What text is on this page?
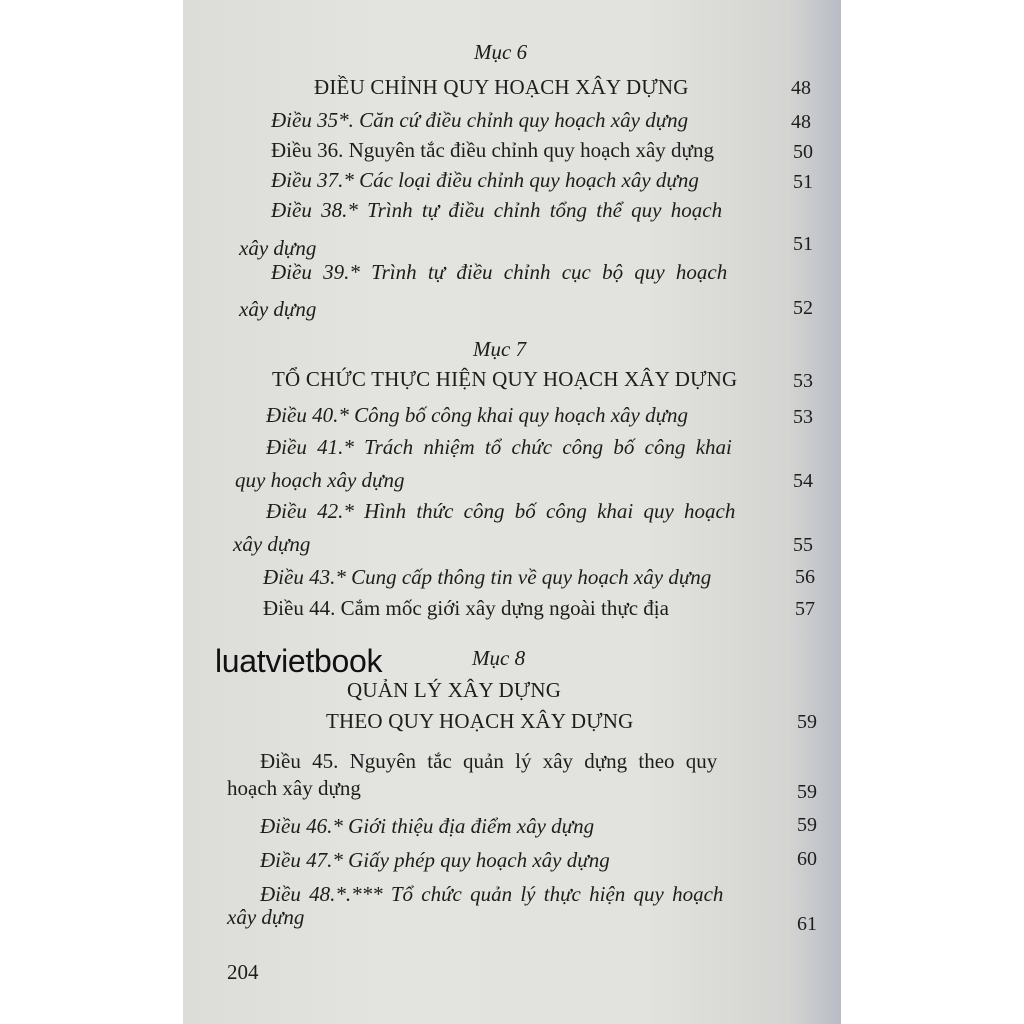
Mục 6
ĐIỀU CHỈNH QUY HOẠCH XÂY DỰNG	48
Điều 35*. Căn cứ điều chỉnh quy hoạch xây dựng	48
Điều 36. Nguyên tắc điều chỉnh quy hoạch xây dựng	50
Điều 37.* Các loại điều chỉnh quy hoạch xây dựng	51
Điều 38.* Trình tự điều chỉnh tổng thể quy hoạch
xây dựng	51
Điều 39.* Trình tự điều chỉnh cục bộ quy hoạch
xây dựng	52
Mục 7
TỔ CHỨC THỰC HIỆN QUY HOẠCH XÂY DỰNG	53
Điều 40.* Công bố công khai quy hoạch xây dựng	53
Điều 41.* Trách nhiệm tổ chức công bố công khai
quy hoạch xây dựng	54
Điều 42.* Hình thức công bố công khai quy hoạch
xây dựng	55
Điều 43.* Cung cấp thông tin về quy hoạch xây dựng	56
Điều 44. Cắm mốc giới xây dựng ngoài thực địa	57
Mục 8
QUẢN LÝ XÂY DỰNG
THEO QUY HOẠCH XÂY DỰNG	59
Điều 45. Nguyên tắc quản lý xây dựng theo quy
hoạch xây dựng	59
Điều 46.* Giới thiệu địa điểm xây dựng	59
Điều 47.* Giấy phép quy hoạch xây dựng	60
Điều 48.*.*** Tổ chức quản lý thực hiện quy hoạch
xây dựng	61
luatvietbook
204
